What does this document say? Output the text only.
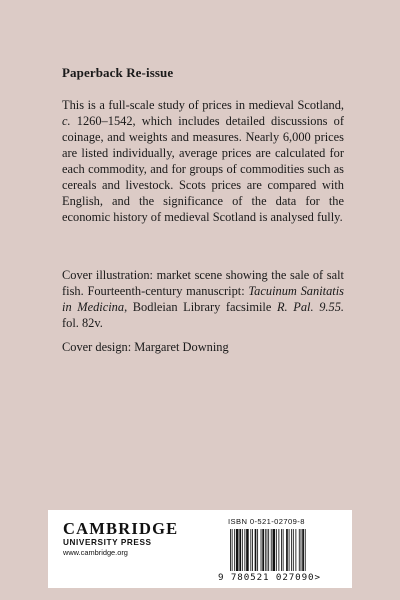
Paperback Re-issue
This is a full-scale study of prices in medieval Scotland, c. 1260–1542, which includes detailed discussions of coinage, and weights and measures. Nearly 6,000 prices are listed individually, average prices are calculated for each commodity, and for groups of commodities such as cereals and livestock. Scots prices are compared with English, and the significance of the data for the economic history of medieval Scotland is analysed fully.
Cover illustration: market scene showing the sale of salt fish. Fourteenth-century manuscript: Tacuinum Sanitatis in Medicina, Bodleian Library facsimile R. Pal. 9.55. fol. 82v.
Cover design: Margaret Downing
CAMBRIDGE
UNIVERSITY PRESS
www.cambridge.org
ISBN 0-521-02709-8
9 780521 027090>
